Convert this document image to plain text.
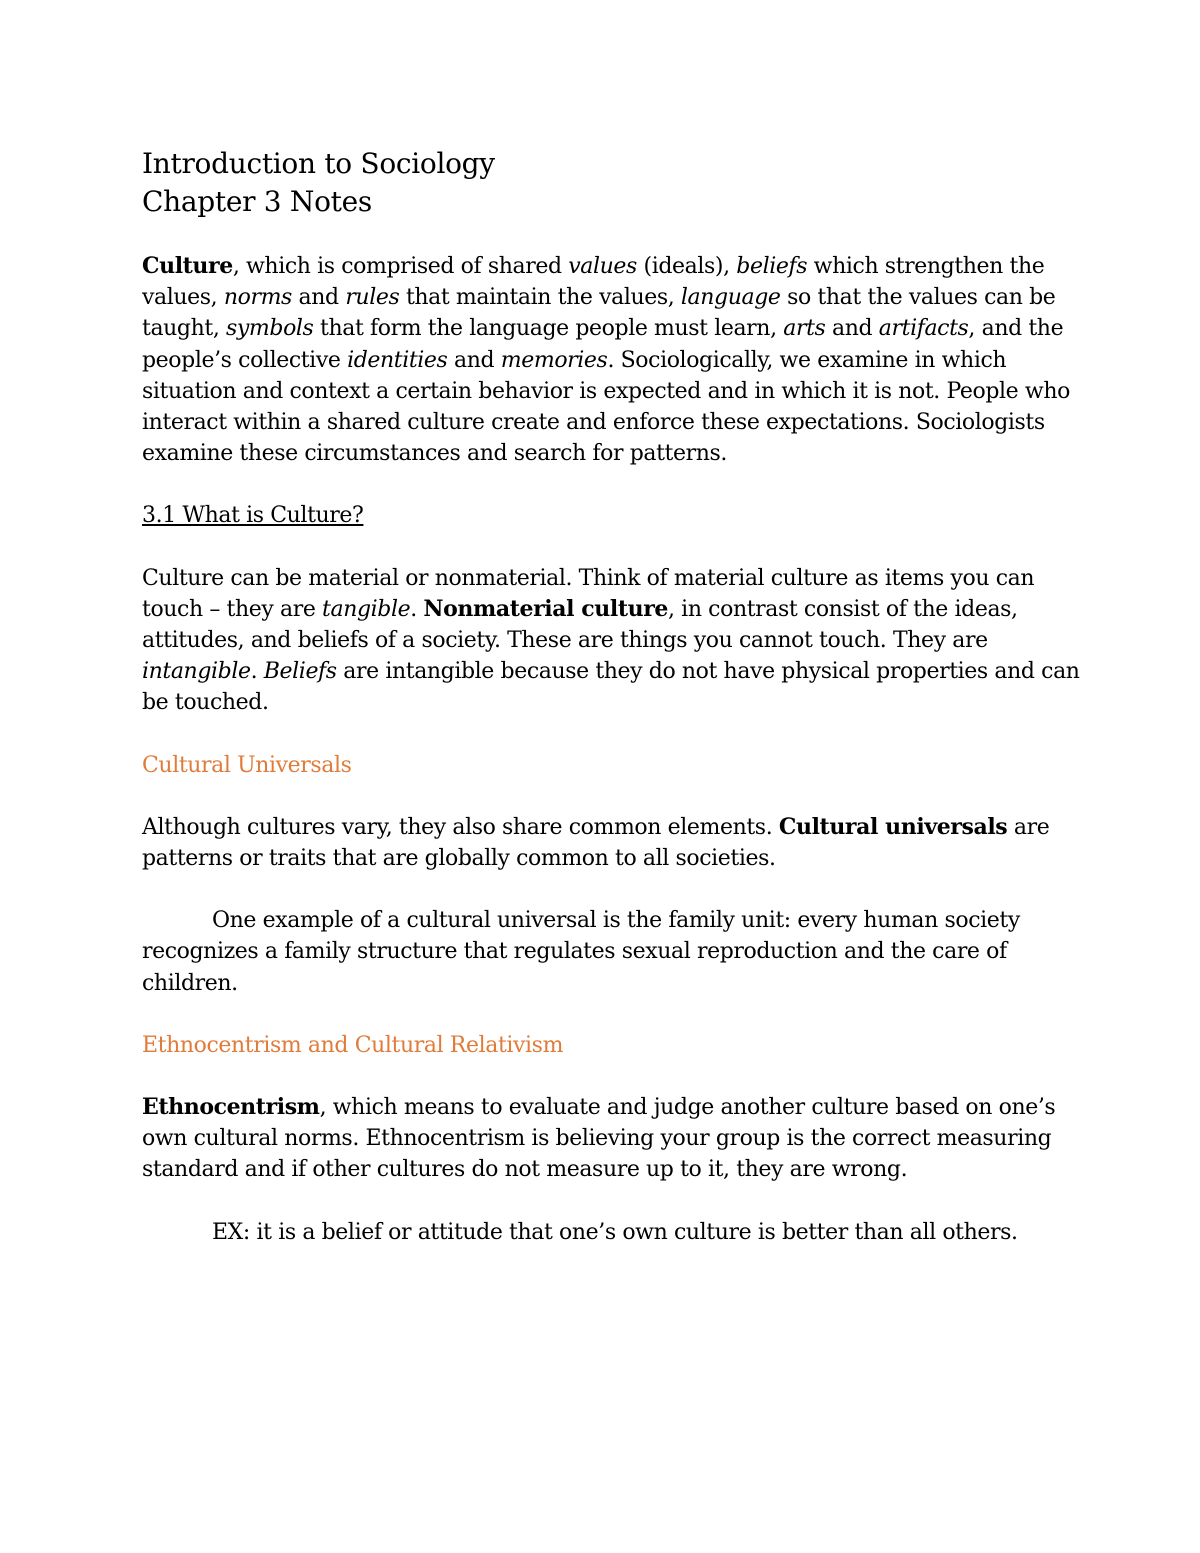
Introduction to Sociology

Chapter 3 Notes

Culture, which is comprised of shared values (ideals), beliefs which strengthen the values, norms and rules that maintain the values, language so that the values can be taught, symbols that form the language people must learn, arts and artifacts, and the people’s collective identities and memories. Sociologically, we examine in which situation and context a certain behavior is expected and in which it is not. People who interact within a shared culture create and enforce these expectations. Sociologists examine these circumstances and search for patterns.

3.1 What is Culture?

Culture can be material or nonmaterial. Think of material culture as items you can touch – they are tangible. Nonmaterial culture, in contrast consist of the ideas, attitudes, and beliefs of a society. These are things you cannot touch. They are intangible. Beliefs are intangible because they do not have physical properties and can be touched.

Cultural Universals

Although cultures vary, they also share common elements. Cultural universals are patterns or traits that are globally common to all societies.

One example of a cultural universal is the family unit: every human society recognizes a family structure that regulates sexual reproduction and the care of children.

Ethnocentrism and Cultural Relativism

Ethnocentrism, which means to evaluate and judge another culture based on one’s own cultural norms. Ethnocentrism is believing your group is the correct measuring standard and if other cultures do not measure up to it, they are wrong.

EX: it is a belief or attitude that one’s own culture is better than all others.
